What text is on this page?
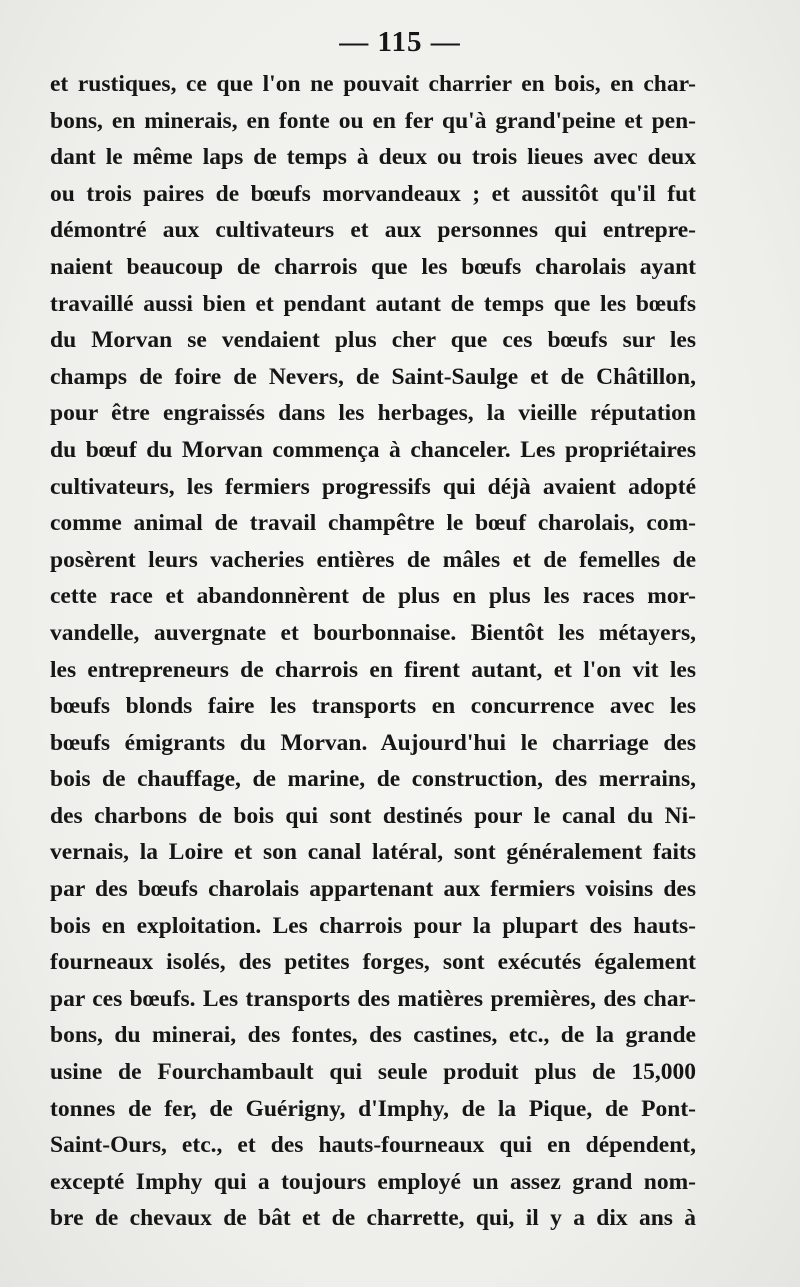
— 115 —
et rustiques, ce que l'on ne pouvait charrier en bois, en char-
bons, en minerais, en fonte ou en fer qu'à grand'peine et pen-
dant le même laps de temps à deux ou trois lieues avec deux
ou trois paires de bœufs morvandeaux ; et aussitôt qu'il fut
démontré aux cultivateurs et aux personnes qui entrepre-
naient beaucoup de charrois que les bœufs charolais ayant
travaillé aussi bien et pendant autant de temps que les bœufs
du Morvan se vendaient plus cher que ces bœufs sur les
champs de foire de Nevers, de Saint-Saulge et de Châtillon,
pour être engraissés dans les herbages, la vieille réputation
du bœuf du Morvan commença à chanceler. Les propriétaires
cultivateurs, les fermiers progressifs qui déjà avaient adopté
comme animal de travail champêtre le bœuf charolais, com-
posèrent leurs vacheries entières de mâles et de femelles de
cette race et abandonnèrent de plus en plus les races mor-
vandelle, auvergnate et bourbonnaise. Bientôt les métayers,
les entrepreneurs de charrois en firent autant, et l'on vit les
bœufs blonds faire les transports en concurrence avec les
bœufs émigrants du Morvan. Aujourd'hui le charriage des
bois de chauffage, de marine, de construction, des merrains,
des charbons de bois qui sont destinés pour le canal du Ni-
vernais, la Loire et son canal latéral, sont généralement faits
par des bœufs charolais appartenant aux fermiers voisins des
bois en exploitation. Les charrois pour la plupart des hauts-
fourneaux isolés, des petites forges, sont exécutés également
par ces bœufs. Les transports des matières premières, des char-
bons, du minerai, des fontes, des castines, etc., de la grande
usine de Fourchambault qui seule produit plus de 15,000
tonnes de fer, de Guérigny, d'Imphy, de la Pique, de Pont-
Saint-Ours, etc., et des hauts-fourneaux qui en dépendent,
excepté Imphy qui a toujours employé un assez grand nom-
bre de chevaux de bât et de charrette, qui, il y a dix ans à
